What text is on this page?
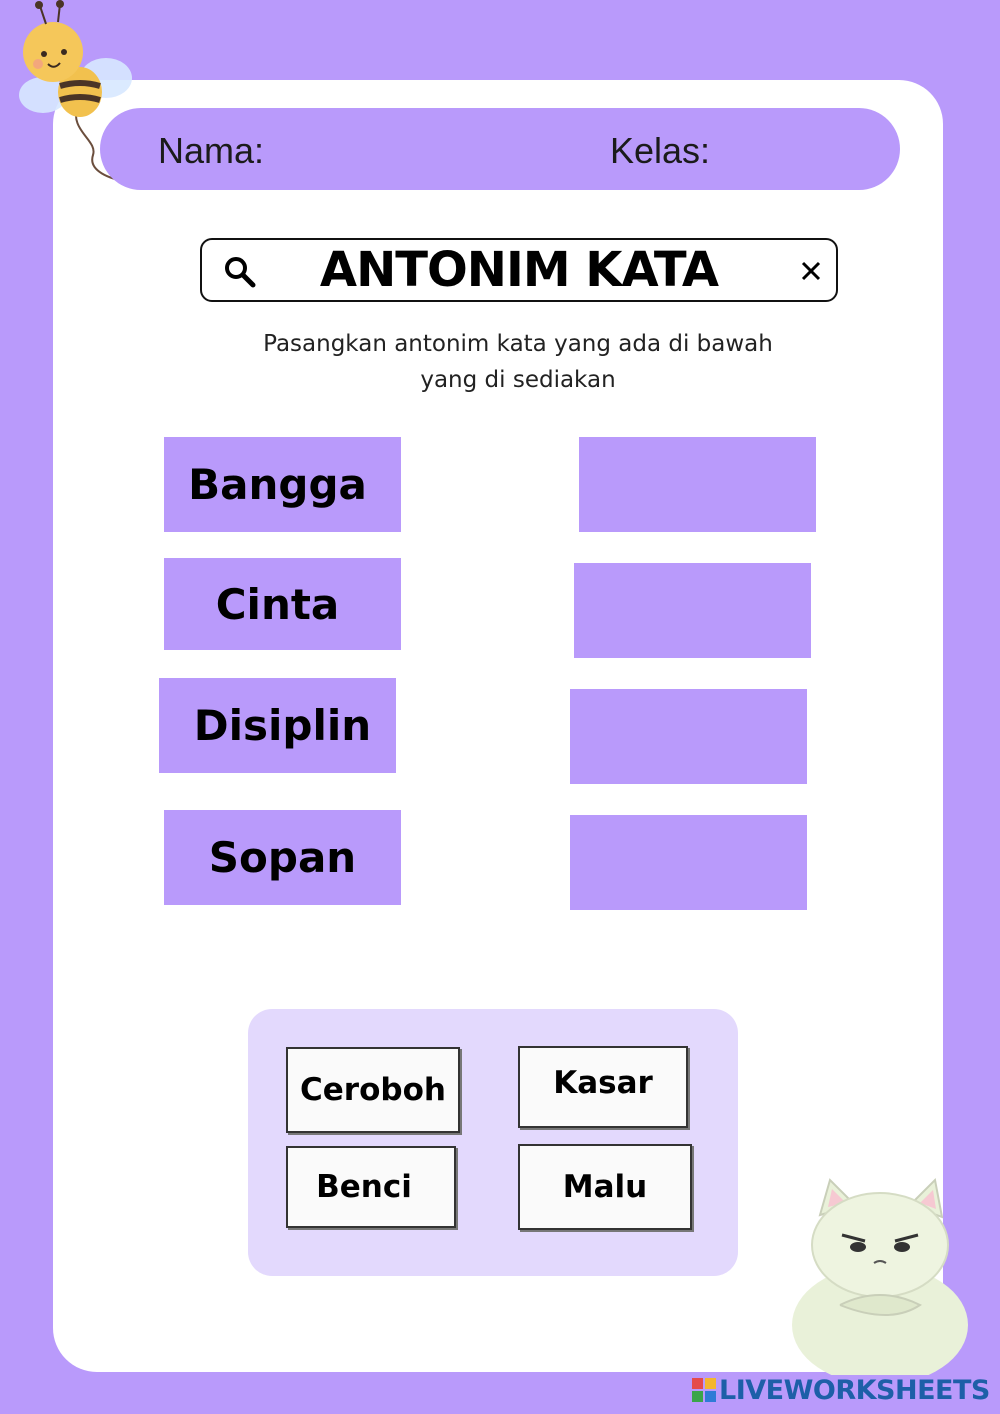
Nama:	Kelas:
ANTONIM KATA
Pasangkan antonim kata yang ada di bawah
yang di sediakan
Bangga
Cinta
Disiplin
Sopan
Ceroboh	Kasar
Benci	Malu
LIVEWORKSHEETS
